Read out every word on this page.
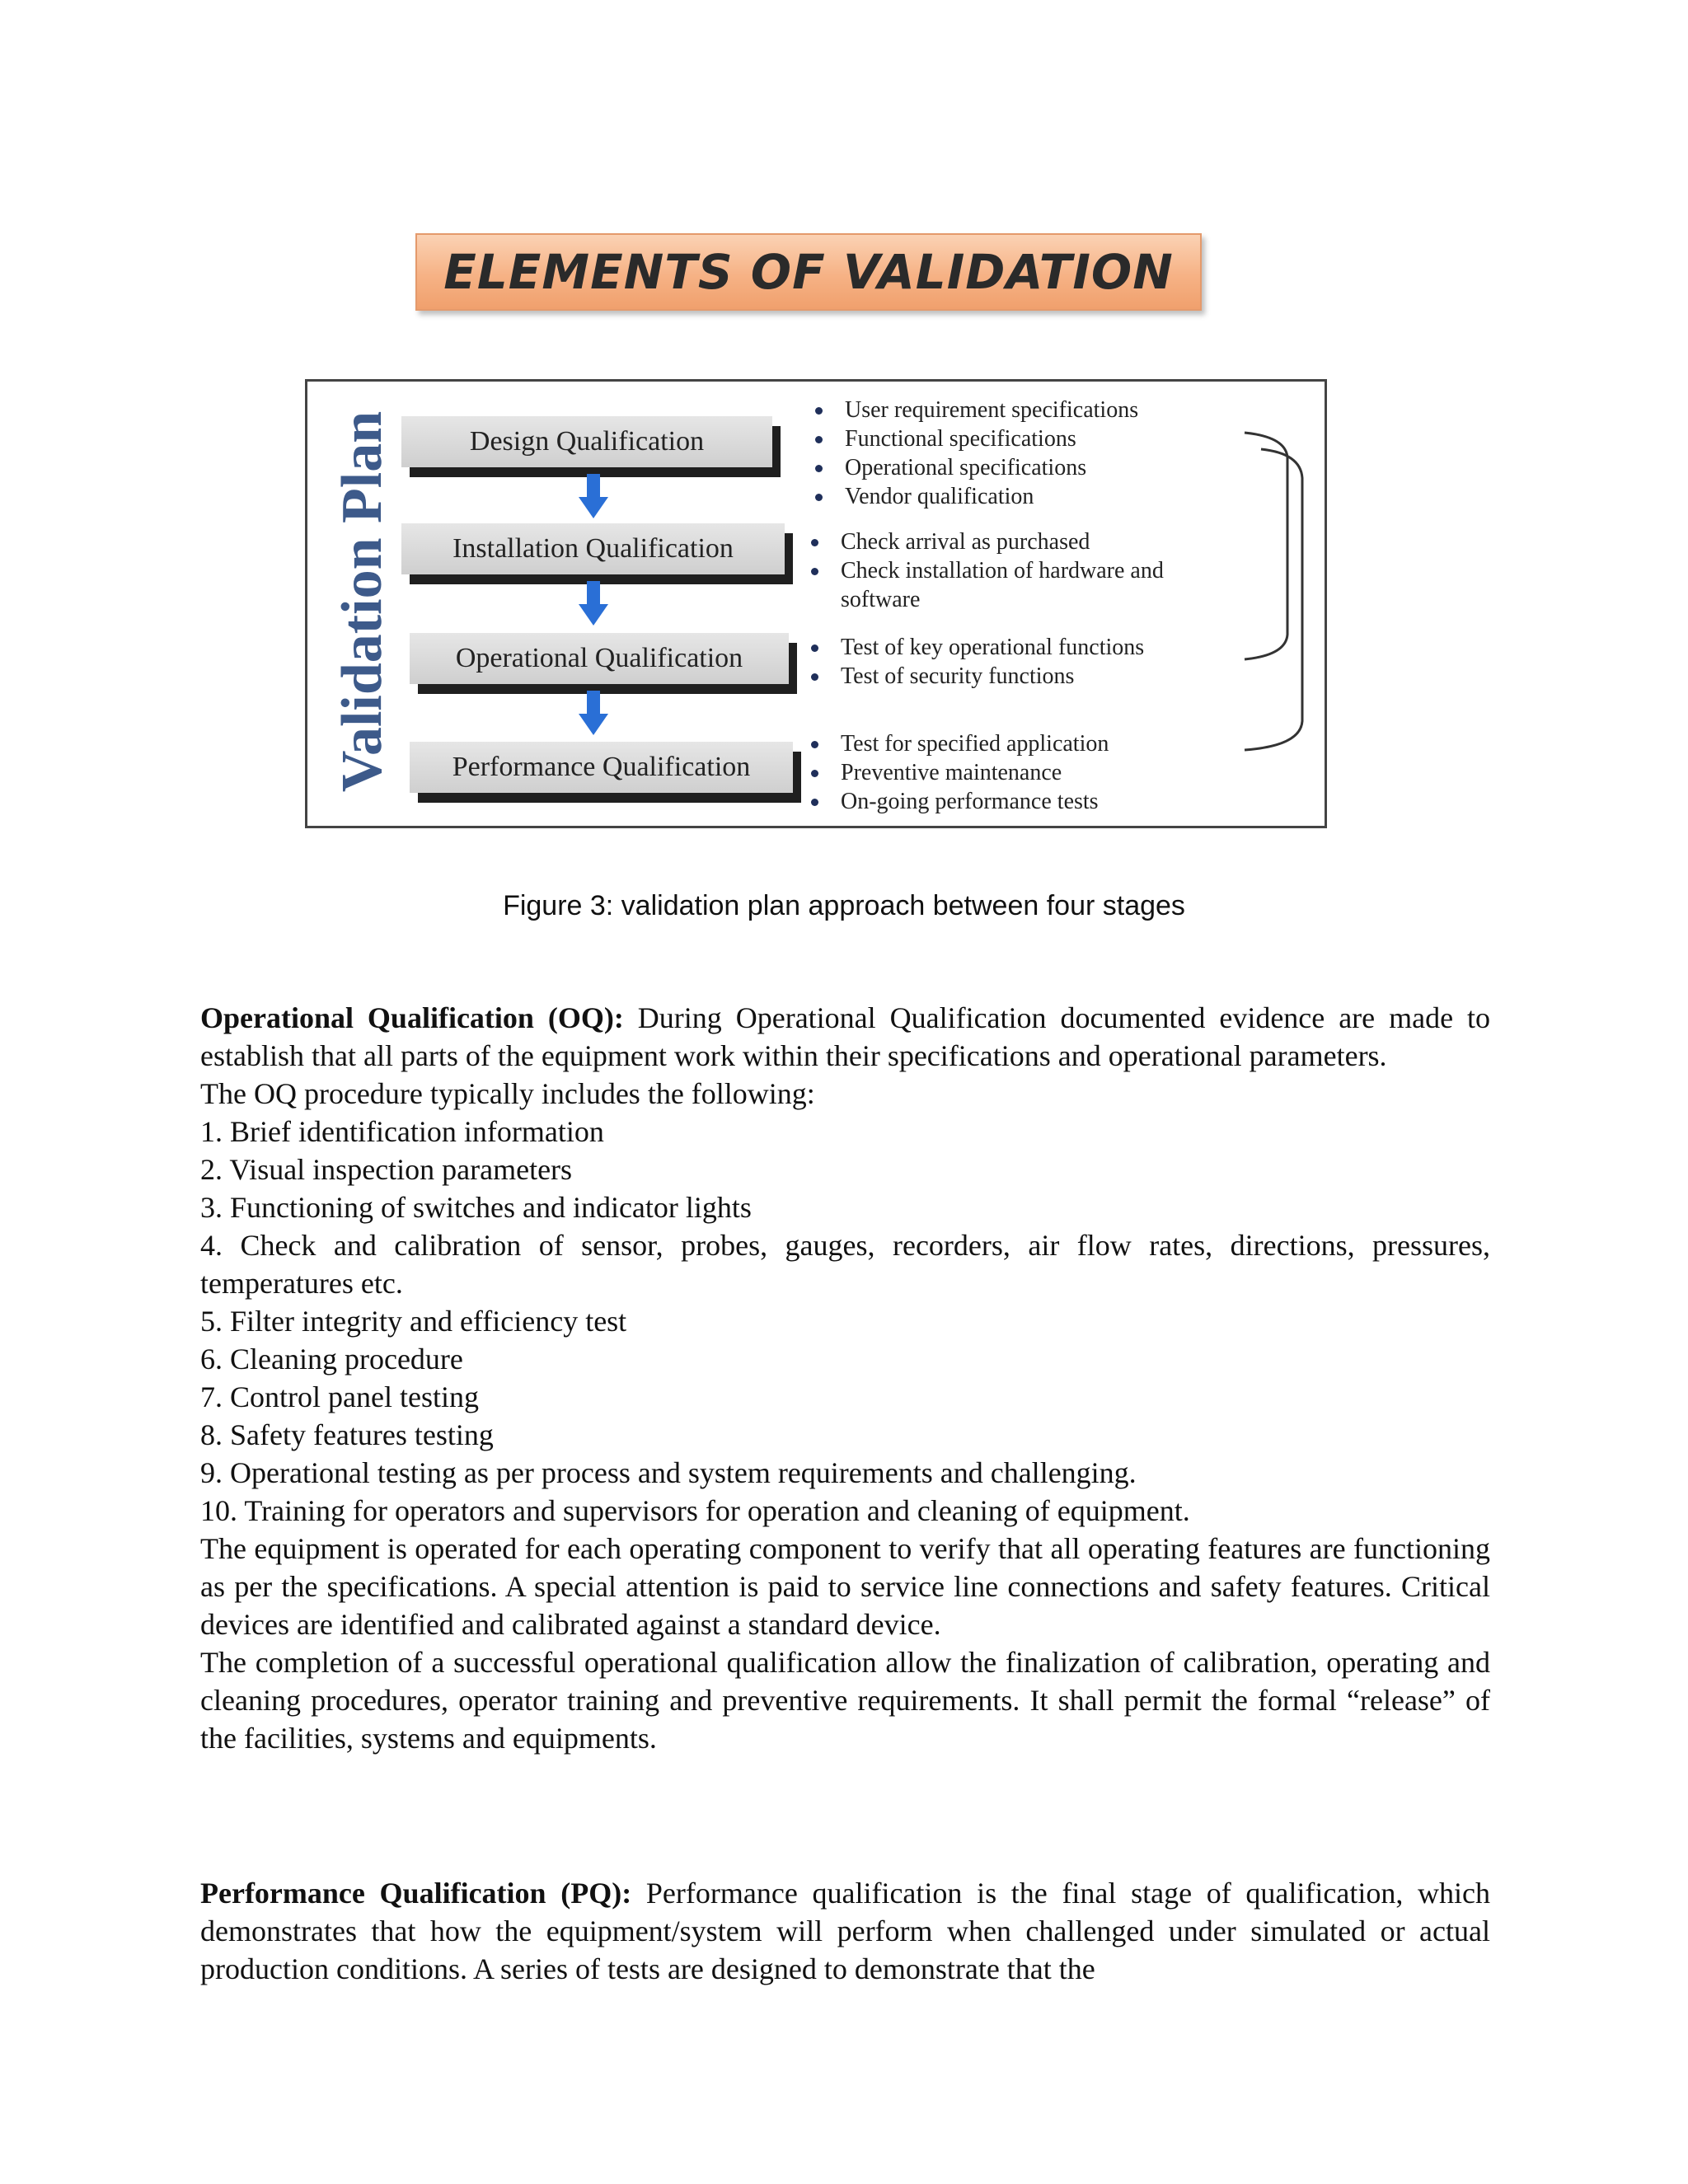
ELEMENTS OF VALIDATION
Validation Plan	Design Qualification
Installation Qualification
Operational Qualification
Performance Qualification
User requirement specifications
Functional specifications
Operational specifications
Vendor qualification
Check arrival as purchased
Check installation of hardware and software
Test of key operational functions
Test of security functions
Test for specified application
Preventive maintenance
On-going performance tests
Figure 3: validation plan approach between four stages

Operational Qualification (OQ): During Operational Qualification documented evidence are made to establish that all parts of the equipment work within their specifications and operational parameters.

The OQ procedure typically includes the following:

1. Brief identification information

2. Visual inspection parameters

3. Functioning of switches and indicator lights

4. Check and calibration of sensor, probes, gauges, recorders, air flow rates, directions, pressures, temperatures etc.

5. Filter integrity and efficiency test

6. Cleaning procedure

7. Control panel testing

8. Safety features testing

9. Operational testing as per process and system requirements and challenging.

10. Training for operators and supervisors for operation and cleaning of equipment.

The equipment is operated for each operating component to verify that all operating features are functioning as per the specifications. A special attention is paid to service line connections and safety features. Critical devices are identified and calibrated against a standard device.

The completion of a successful operational qualification allow the finalization of calibration, operating and cleaning procedures, operator training and preventive requirements. It shall permit the formal “release” of the facilities, systems and equipments.

Performance Qualification (PQ): Performance qualification is the final stage of qualification, which demonstrates that how the equipment/system will perform when challenged under simulated or actual production conditions. A series of tests are designed to demonstrate that the
